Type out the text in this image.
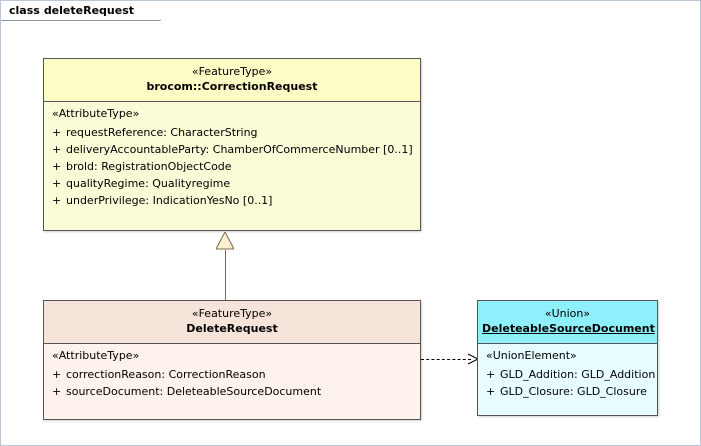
class deleteRequest
«FeatureType»
brocom::CorrectionRequest
«AttributeType»
+ requestReference: CharacterString
+ deliveryAccountableParty: ChamberOfCommerceNumber [0..1]
+ brold: RegistrationObjectCode
+ qualityRegime: Qualityregime
+ underPrivilege: IndicationYesNo [0..1]
«FeatureType»
DeleteRequest
«AttributeType»
+ correctionReason: CorrectionReason
+ sourceDocument: DeleteableSourceDocument
«Union»
DeleteableSourceDocument
«UnionElement»
+ GLD_Addition: GLD_Addition
+ GLD_Closure: GLD_Closure
